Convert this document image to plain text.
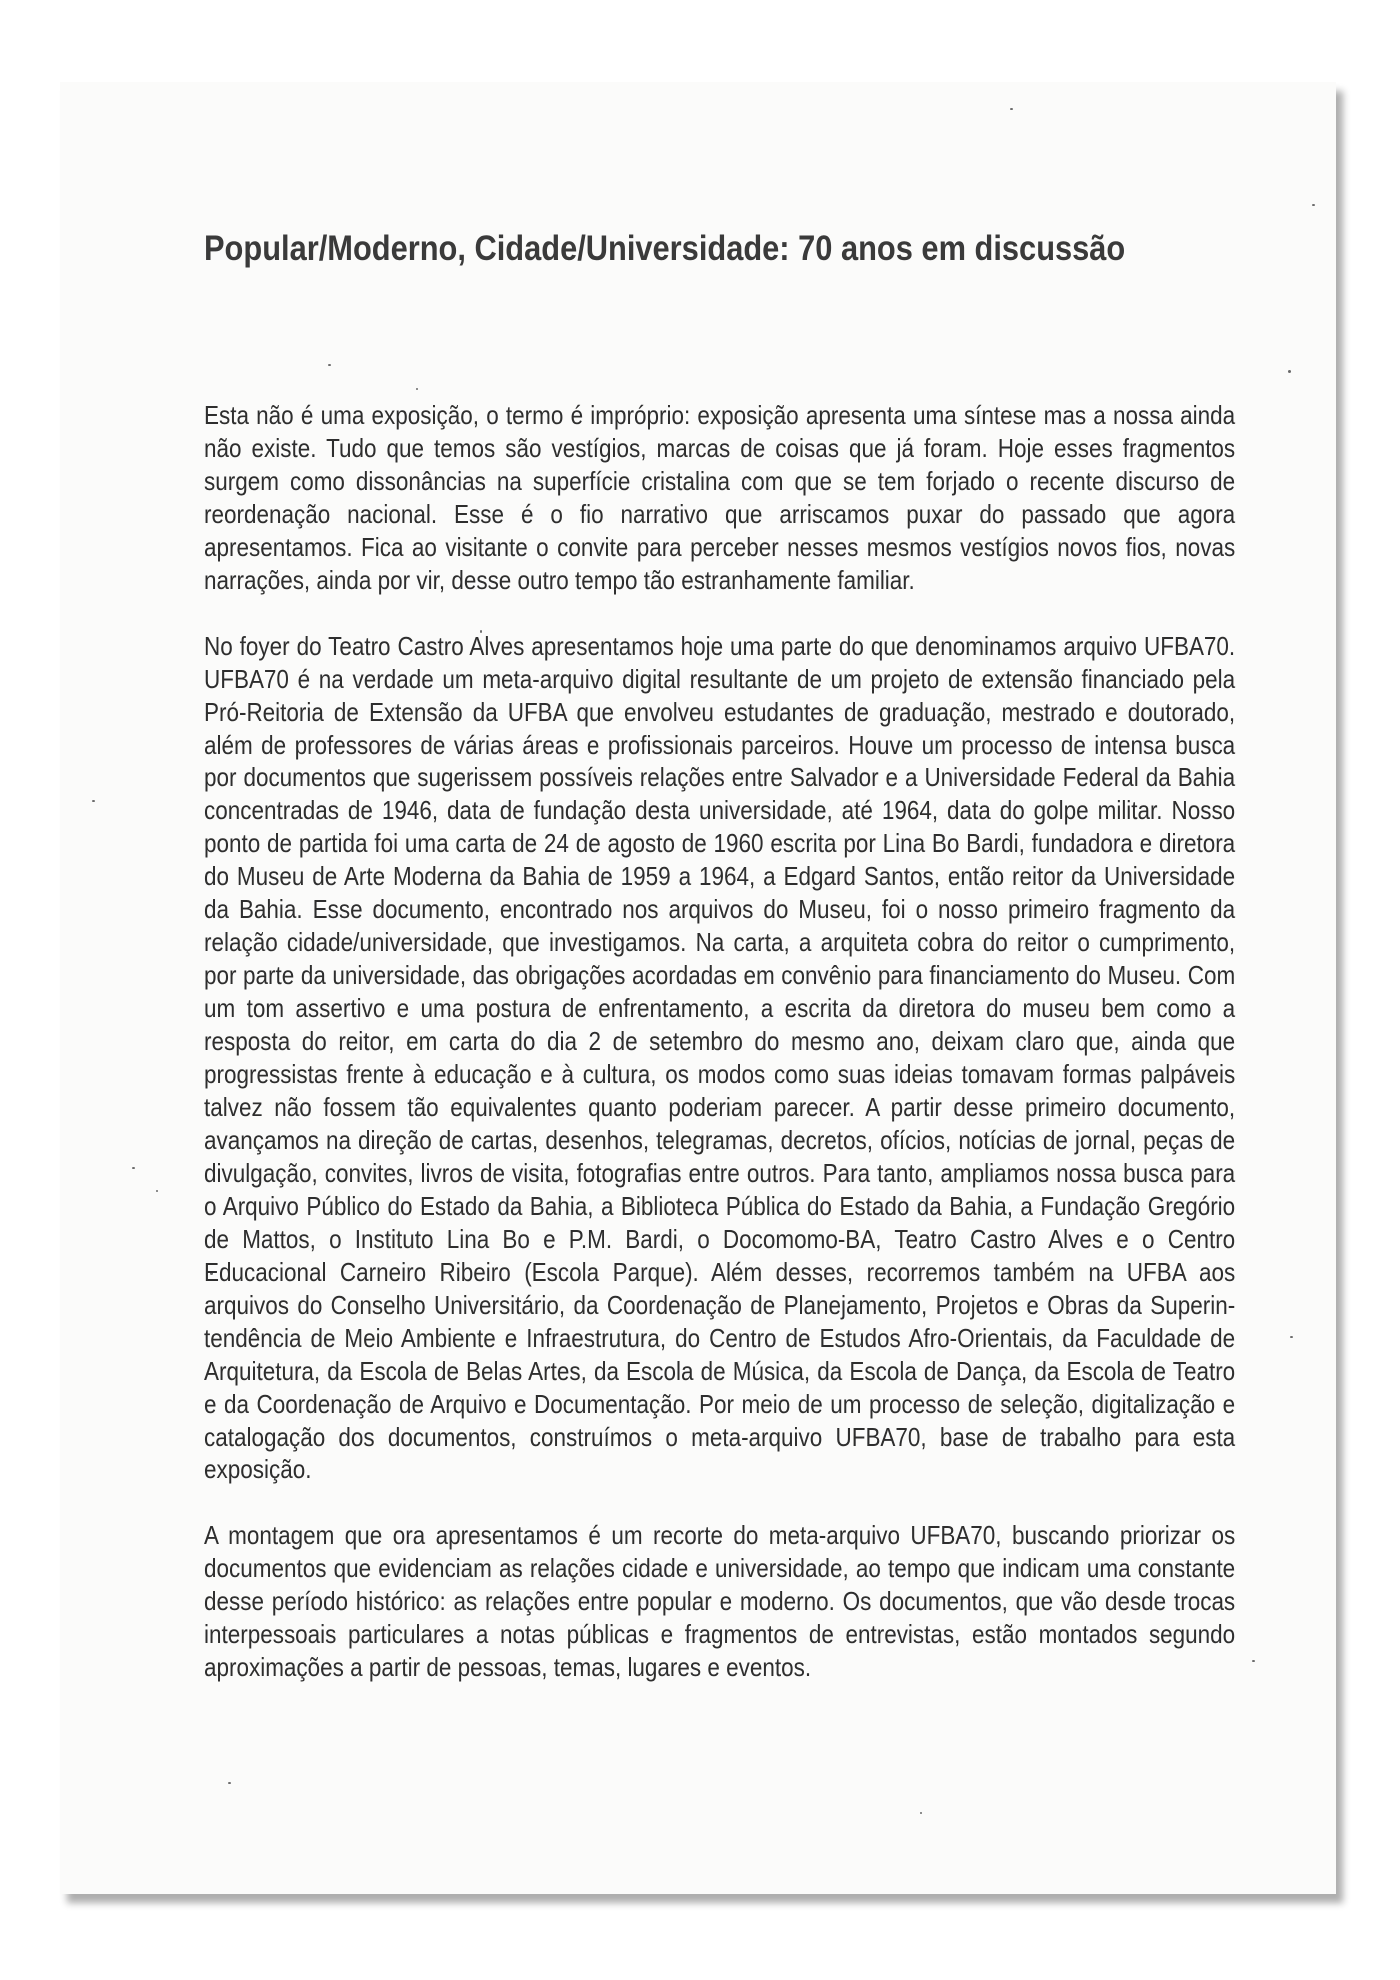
Popular/Moderno, Cidade/Universidade: 70 anos em discussão

Esta não é uma exposição, o termo é impróprio: exposição apresenta uma síntese mas a nossa ainda não existe. Tudo que temos são vestígios, marcas de coisas que já foram. Hoje esses fragmentos surgem como dissonâncias na superfície cristalina com que se tem forjado o recente discurso de reordenação nacional. Esse é o fio narrativo que arriscamos puxar do passado que agora apresentamos. Fica ao visitante o convite para perceber nesses mesmos vestígios novos fios, novas narrações, ainda por vir, desse outro tempo tão estranhamente familiar.

No foyer do Teatro Castro Alves apresentamos hoje uma parte do que denominamos arquivo UFBA70. UFBA70 é na verdade um meta-arquivo digital resultante de um projeto de extensão financiado pela Pró-Reitoria de Extensão da UFBA que envolveu estudantes de graduação, mestrado e doutorado, além de professores de várias áreas e profissionais parceiros. Houve um processo de intensa busca por documentos que sugerissem possíveis relações entre Salvador e a Universidade Federal da Bahia concentradas de 1946, data de fundação desta universidade, até 1964, data do golpe militar. Nosso ponto de partida foi uma carta de 24 de agosto de 1960 escrita por Lina Bo Bardi, fundadora e diretora do Museu de Arte Moderna da Bahia de 1959 a 1964, a Edgard Santos, então reitor da Universidade da Bahia. Esse documento, encontrado nos arquivos do Museu, foi o nosso primeiro fragmento da relação cidade/universidade, que investigamos. Na carta, a arquiteta cobra do reitor o cumprimento, por parte da universidade, das obrigações acordadas em convênio para financiamento do Museu. Com um tom assertivo e uma postura de enfrentamento, a escrita da diretora do museu bem como a resposta do reitor, em carta do dia 2 de setembro do mesmo ano, deixam claro que, ainda que progressistas frente à educação e à cultura, os modos como suas ideias tomavam formas palpáveis talvez não fossem tão equivalentes quanto poderiam parecer. A partir desse primeiro documento, avançamos na direção de cartas, desenhos, telegramas, decretos, ofícios, notícias de jornal, peças de divulgação, convites, livros de visita, fotografias entre outros. Para tanto, ampliamos nossa busca para o Arquivo Público do Estado da Bahia, a Biblioteca Pública do Estado da Bahia, a Fundação Gregório de Mattos, o Instituto Lina Bo e P.M. Bardi, o Docomomo-BA, Teatro Castro Alves e o Centro Educacional Carneiro Ribeiro (Escola Parque). Além desses, recorremos também na UFBA aos arquivos do Conselho Universitário, da Coordenação de Planejamento, Projetos e Obras da Superintendência de Meio Ambiente e Infraestrutura, do Centro de Estudos Afro-Orientais, da Faculdade de Arquitetura, da Escola de Belas Artes, da Escola de Música, da Escola de Dança, da Escola de Teatro e da Coordenação de Arquivo e Documentação. Por meio de um processo de seleção, digitalização e catalogação dos documentos, construímos o meta-arquivo UFBA70, base de trabalho para esta exposição.

A montagem que ora apresentamos é um recorte do meta-arquivo UFBA70, buscando priorizar os documentos que evidenciam as relações cidade e universidade, ao tempo que indicam uma constante desse período histórico: as relações entre popular e moderno. Os documentos, que vão desde trocas interpessoais particulares a notas públicas e fragmentos de entrevistas, estão montados segundo aproximações a partir de pessoas, temas, lugares e eventos.
